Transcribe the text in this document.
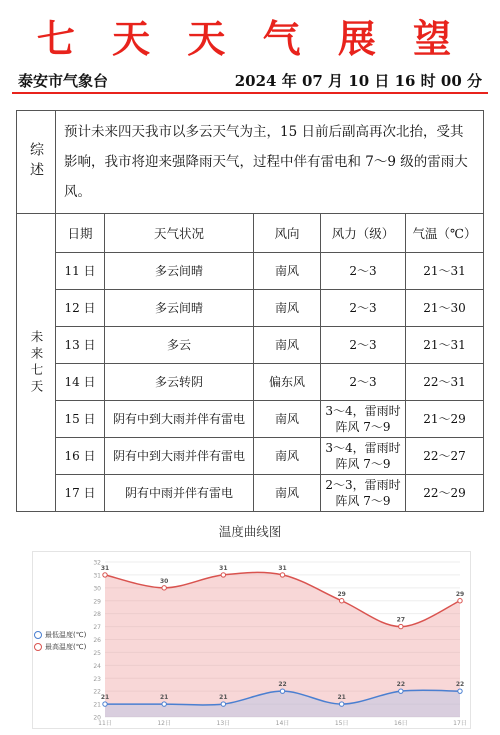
七 天 天 气 展 望
泰安市气象台	2024 年 07 月 10 日 16 时 00 分
综述	预计未来四天我市以多云天气为主，15 日前后副高再次北抬，受其影响，我市将迎来强降雨天气，过程中伴有雷电和 7～9 级的雷雨大风。				
未来七天	日期	天气状况	风向	风力（级）	气温（℃）
	11 日	多云间晴	南风	2～3	21～31
	12 日	多云间晴	南风	2～3	21～30
	13 日	多云	南风	2～3	21～31
	14 日	多云转阴	偏东风	2～3	22～31
	15 日	阴有中到大雨并伴有雷电	南风	3～4，雷雨时阵风 7～9	21～29
	16 日	阴有中到大雨并伴有雷电	南风	3～4，雷雨时阵风 7～9	22～27
	17 日	阴有中雨并伴有雷电	南风	2～3，雷雨时阵风 7～9	22～29
温度曲线图
20
21
22
23
24
25
26
27
28
29
30
31
32
11日	12日	13日	14日	15日	16日	17日
21	21	21
22
21
22	22
31
30
31	31
29
27
29
最低温度(℃)
最高温度(℃)
